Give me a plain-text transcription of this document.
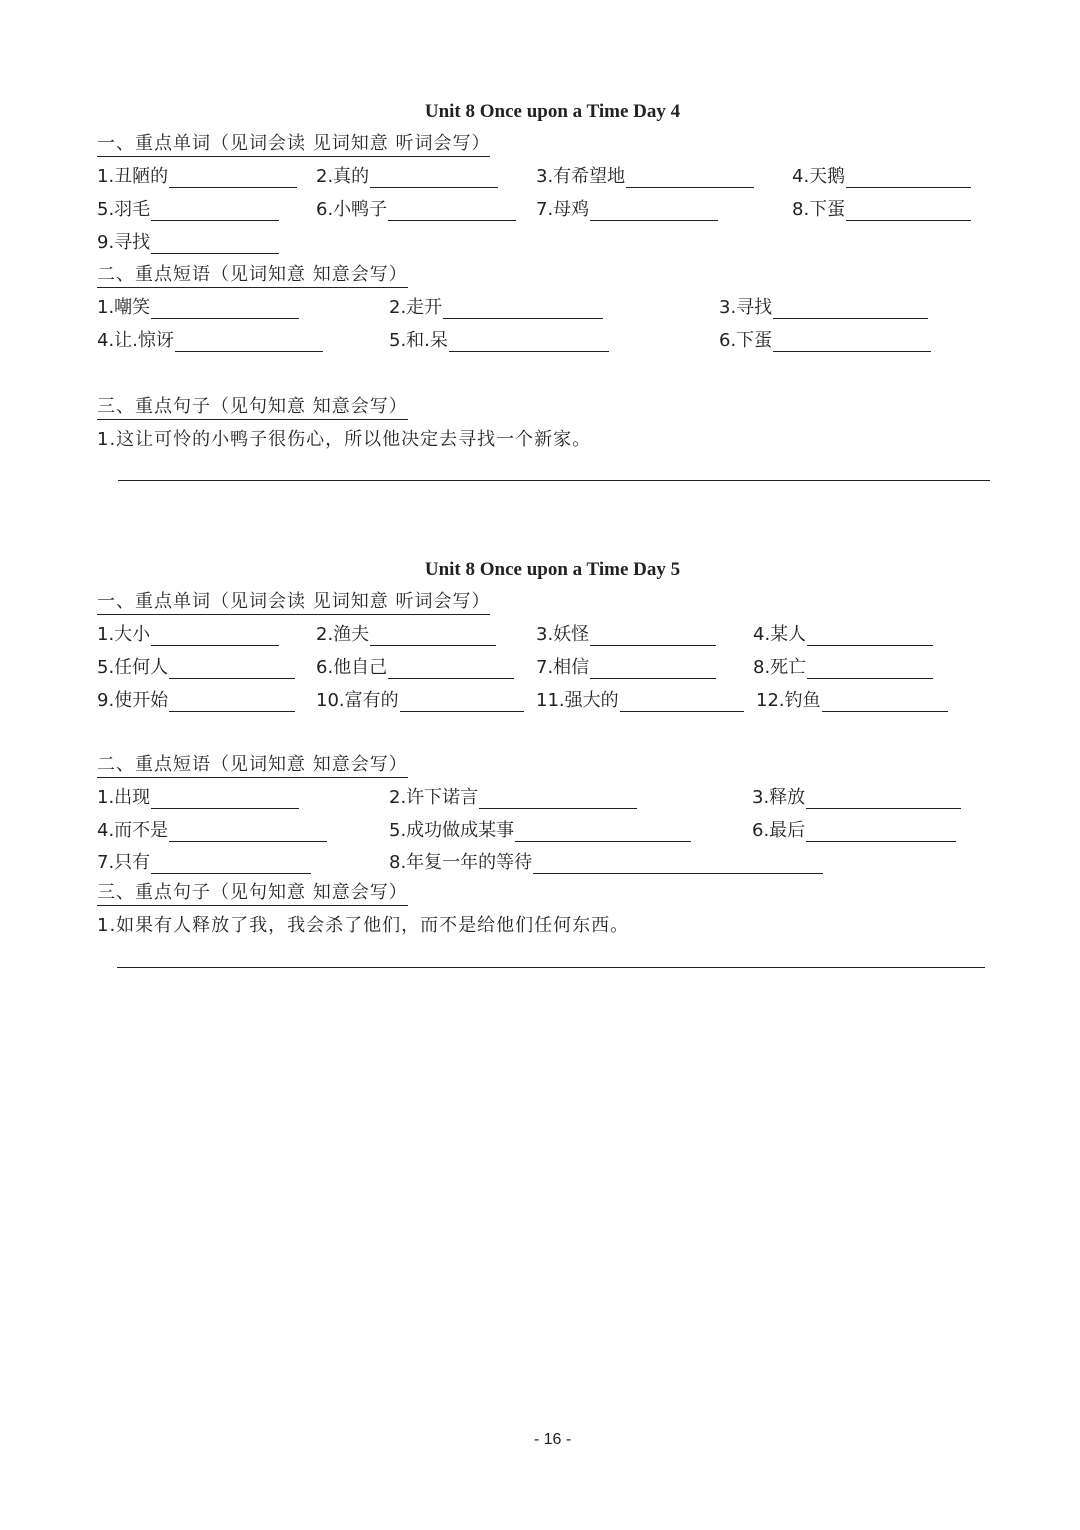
Unit 8 Once upon a Time Day 4
一、重点单词（见词会读 见词知意 听词会写）
1.丑陋的	2.真的	3.有希望地	4.天鹅
5.羽毛	6.小鸭子	7.母鸡	8.下蛋
9.寻找
二、重点短语（见词知意 知意会写）
1.嘲笑	2.走开	3.寻找
4.让.惊讶	5.和.呆	6.下蛋
三、重点句子（见句知意 知意会写）
1.这让可怜的小鸭子很伤心，所以他决定去寻找一个新家。
Unit 8 Once upon a Time Day 5
一、重点单词（见词会读 见词知意 听词会写）
1.大小	2.渔夫	3.妖怪	4.某人
5.任何人	6.他自己	7.相信	8.死亡
9.使开始	10.富有的	11.强大的	12.钓鱼
二、重点短语（见词知意 知意会写）
1.出现	2.许下诺言	3.释放
4.而不是	5.成功做成某事	6.最后
7.只有	8.年复一年的等待
三、重点句子（见句知意 知意会写）
1.如果有人释放了我，我会杀了他们，而不是给他们任何东西。
- 16 -
